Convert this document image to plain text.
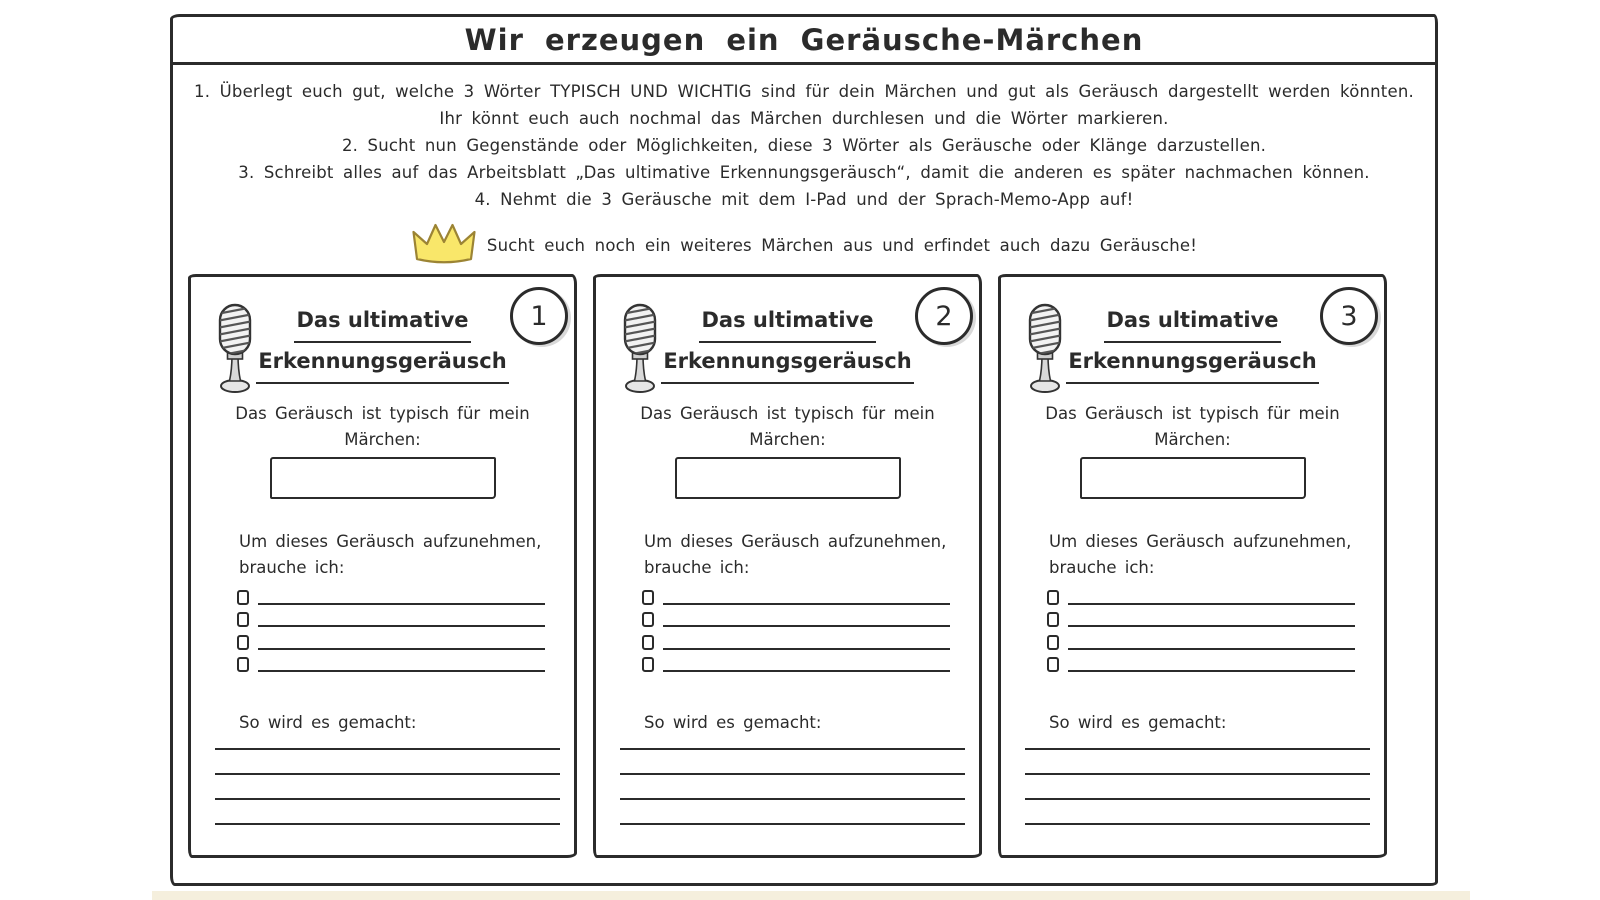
Wir erzeugen ein Geräusche-Märchen

1. Überlegt euch gut, welche 3 Wörter TYPISCH UND WICHTIG sind für dein Märchen und gut als Geräusch dargestellt werden könnten.

Ihr könnt euch auch nochmal das Märchen durchlesen und die Wörter markieren.

2. Sucht nun Gegenstände oder Möglichkeiten, diese 3 Wörter als Geräusche oder Klänge darzustellen.

3. Schreibt alles auf das Arbeitsblatt „Das ultimative Erkennungsgeräusch“, damit die anderen es später nachmachen können.

4. Nehmt die 3 Geräusche mit dem I-Pad und der Sprach-Memo-App auf!

Sucht euch noch ein weiteres Märchen aus und erfindet auch dazu Geräusche!
1
Das ultimative
Erkennungsgeräusch

Das Geräusch ist typisch für mein
Märchen:

Um dieses Geräusch aufzunehmen,
brauche ich:

So wird es gemacht:

2
Das ultimative
Erkennungsgeräusch

Das Geräusch ist typisch für mein
Märchen:

Um dieses Geräusch aufzunehmen,
brauche ich:

So wird es gemacht:

3
Das ultimative
Erkennungsgeräusch

Das Geräusch ist typisch für mein
Märchen:

Um dieses Geräusch aufzunehmen,
brauche ich:

So wird es gemacht:
